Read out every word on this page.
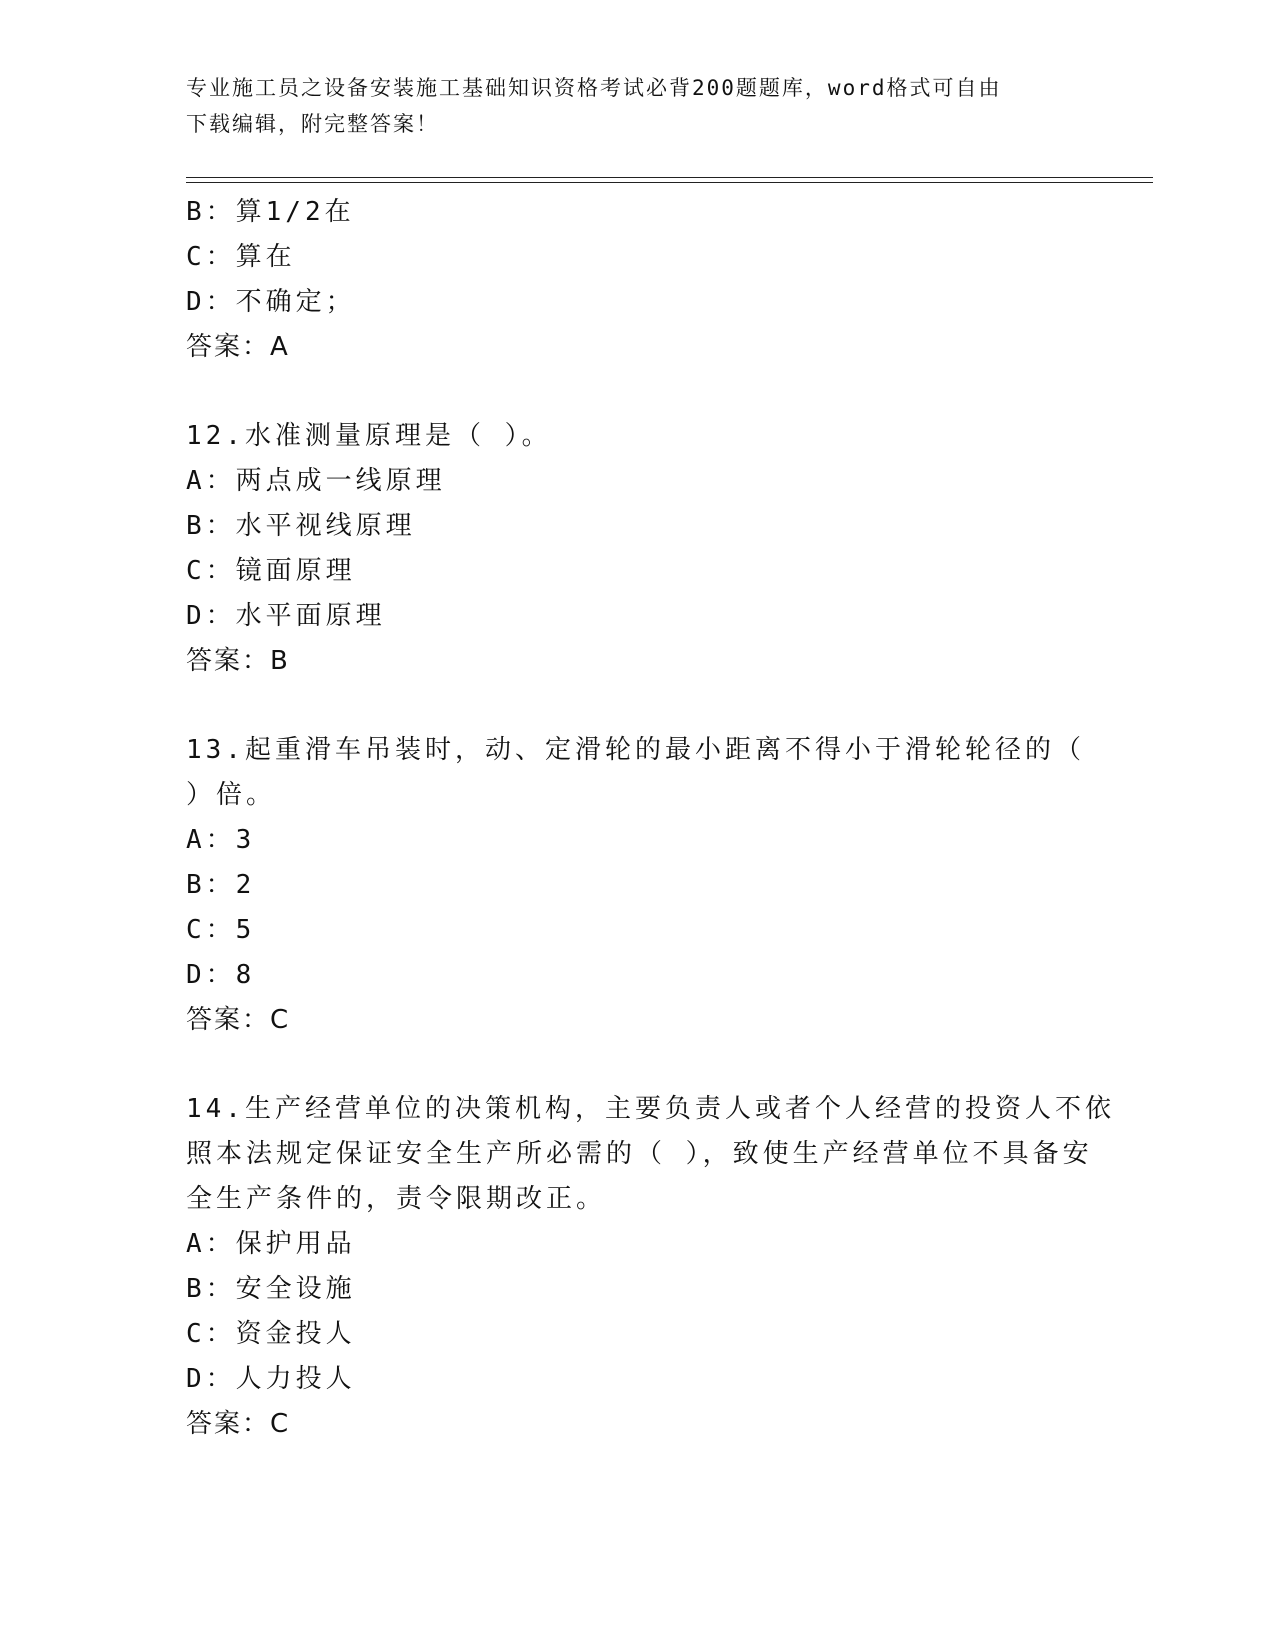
专业施工员之设备安装施工基础知识资格考试必背200题题库，word格式可自由
下载编辑，附完整答案！
B：算1/2在
C：算在
D：不确定；
答案：A
12.水准测量原理是（ ）。
A：两点成一线原理
B：水平视线原理
C：镜面原理
D：水平面原理
答案：B
13.起重滑车吊装时，动、定滑轮的最小距离不得小于滑轮轮径的（
）倍。
A：3
B：2
C：5
D：8
答案：C
14.生产经营单位的决策机构，主要负责人或者个人经营的投资人不依
照本法规定保证安全生产所必需的（ ），致使生产经营单位不具备安
全生产条件的，责令限期改正。
A：保护用品
B：安全设施
C：资金投人
D：人力投人
答案：C
